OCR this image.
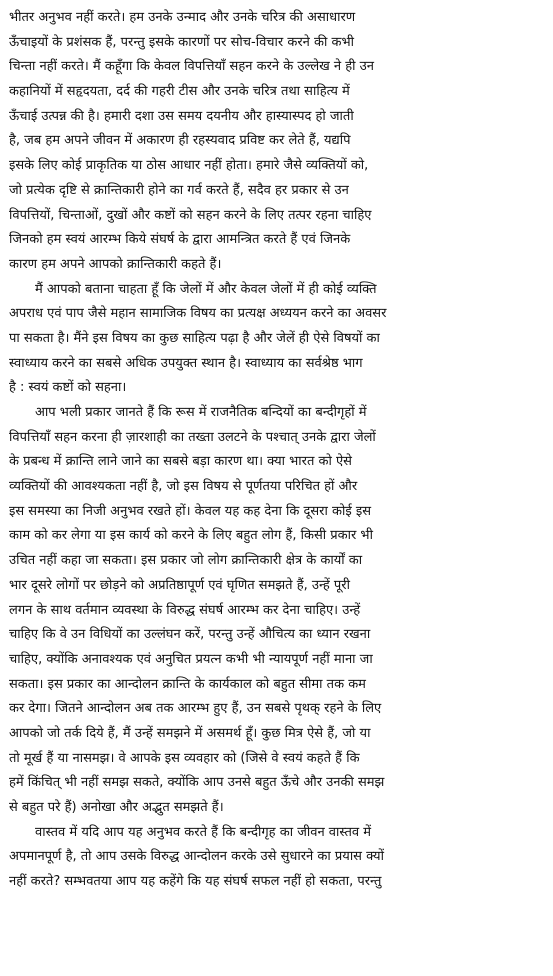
भीतर अनुभव नहीं करते। हम उनके उन्माद और उनके चरित्र की असाधारण
ऊँचाइयों के प्रशंसक हैं, परन्तु इसके कारणों पर सोच-विचार करने की कभी
चिन्ता नहीं करते। मैं कहूँगा कि केवल विपत्तियाँ सहन करने के उल्लेख ने ही उन
कहानियों में सहृदयता, दर्द की गहरी टीस और उनके चरित्र तथा साहित्य में
ऊँचाई उत्पन्न की है। हमारी दशा उस समय दयनीय और हास्यास्पद हो जाती
है, जब हम अपने जीवन में अकारण ही रहस्यवाद प्रविष्ट कर लेते हैं, यद्यपि
इसके लिए कोई प्राकृतिक या ठोस आधार नहीं होता। हमारे जैसे व्यक्तियों को,
जो प्रत्येक दृष्टि से क्रान्तिकारी होने का गर्व करते हैं, सदैव हर प्रकार से उन
विपत्तियों, चिन्ताओं, दुखों और कष्टों को सहन करने के लिए तत्पर रहना चाहिए
जिनको हम स्वयं आरम्भ किये संघर्ष के द्वारा आमन्त्रित करते हैं एवं जिनके
कारण हम अपने आपको क्रान्तिकारी कहते हैं।
मैं आपको बताना चाहता हूँ कि जेलों में और केवल जेलों में ही कोई व्यक्ति
अपराध एवं पाप जैसे महान सामाजिक विषय का प्रत्यक्ष अध्ययन करने का अवसर
पा सकता है। मैंने इस विषय का कुछ साहित्य पढ़ा है और जेलें ही ऐसे विषयों का
स्वाध्याय करने का सबसे अधिक उपयुक्त स्थान है। स्वाध्याय का सर्वश्रेष्ठ भाग
है : स्वयं कष्टों को सहना।
आप भली प्रकार जानते हैं कि रूस में राजनैतिक बन्दियों का बन्दीगृहों में
विपत्तियाँ सहन करना ही ज़ारशाही का तख्ता उलटने के पश्चात् उनके द्वारा जेलों
के प्रबन्ध में क्रान्ति लाने जाने का सबसे बड़ा कारण था। क्या भारत को ऐसे
व्यक्तियों की आवश्यकता नहीं है, जो इस विषय से पूर्णतया परिचित हों और
इस समस्या का निजी अनुभव रखते हों। केवल यह कह देना कि दूसरा कोई इस
काम को कर लेगा या इस कार्य को करने के लिए बहुत लोग हैं, किसी प्रकार भी
उचित नहीं कहा जा सकता। इस प्रकार जो लोग क्रान्तिकारी क्षेत्र के कार्यों का
भार दूसरे लोगों पर छोड़ने को अप्रतिष्ठापूर्ण एवं घृणित समझते हैं, उन्हें पूरी
लगन के साथ वर्तमान व्यवस्था के विरुद्ध संघर्ष आरम्भ कर देना चाहिए। उन्हें
चाहिए कि वे उन विधियों का उल्लंघन करें, परन्तु उन्हें औचित्य का ध्यान रखना
चाहिए, क्योंकि अनावश्यक एवं अनुचित प्रयत्न कभी भी न्यायपूर्ण नहीं माना जा
सकता। इस प्रकार का आन्दोलन क्रान्ति के कार्यकाल को बहुत सीमा तक कम
कर देगा। जितने आन्दोलन अब तक आरम्भ हुए हैं, उन सबसे पृथक् रहने के लिए
आपको जो तर्क दिये हैं, मैं उन्हें समझने में असमर्थ हूँ। कुछ मित्र ऐसे हैं, जो या
तो मूर्ख हैं या नासमझ। वे आपके इस व्यवहार को (जिसे वे स्वयं कहते हैं कि
हमें किंचित् भी नहीं समझ सकते, क्योंकि आप उनसे बहुत ऊँचे और उनकी समझ
से बहुत परे हैं) अनोखा और अद्भुत समझते हैं।
वास्तव में यदि आप यह अनुभव करते हैं कि बन्दीगृह का जीवन वास्तव में
अपमानपूर्ण है, तो आप उसके विरुद्ध आन्दोलन करके उसे सुधारने का प्रयास क्यों
नहीं करते? सम्भवतया आप यह कहेंगे कि यह संघर्ष सफल नहीं हो सकता, परन्तु
